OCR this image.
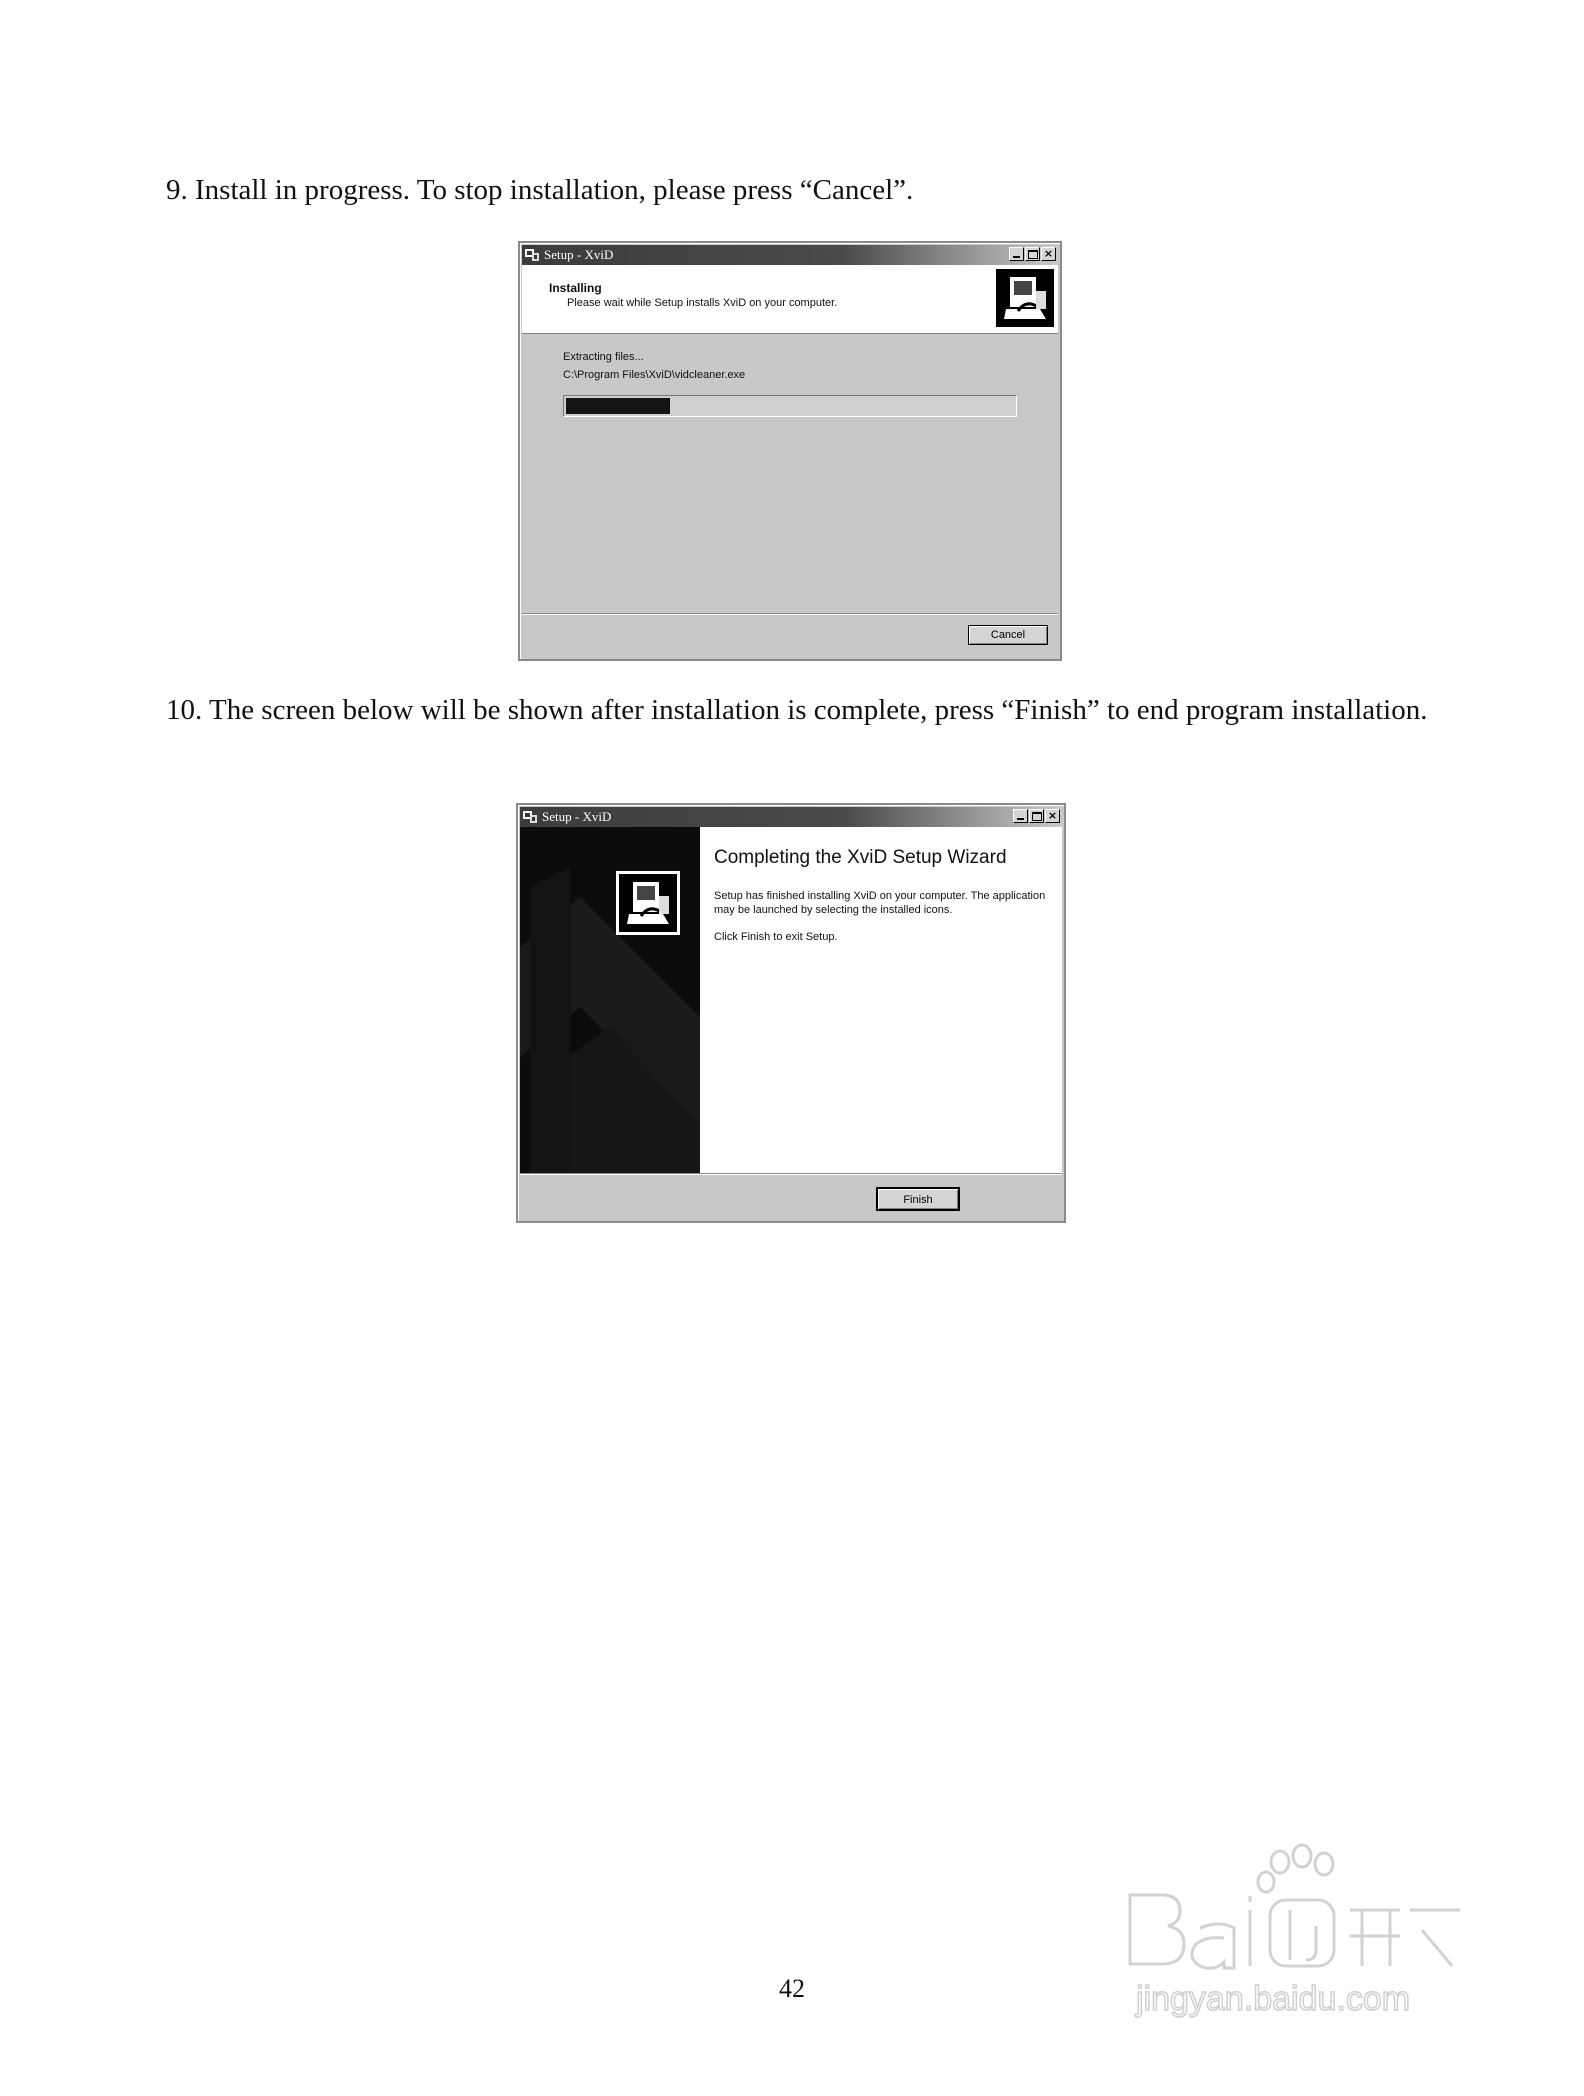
9. Install in progress. To stop installation, please press “Cancel”.

Setup - XviD	×
Installing
Please wait while Setup installs XviD on your computer.
Extracting files...
C:\Program Files\XviD\vidcleaner.exe
Cancel

10. The screen below will be shown after installation is complete, press “Finish” to end program installation.

Setup - XviD	×
Completing the XviD Setup Wizard
Setup has finished installing XviD on your computer. The application may be launched by selecting the installed icons.
Click Finish to exit Setup.
Finish
jingyan.baidu.com
42
